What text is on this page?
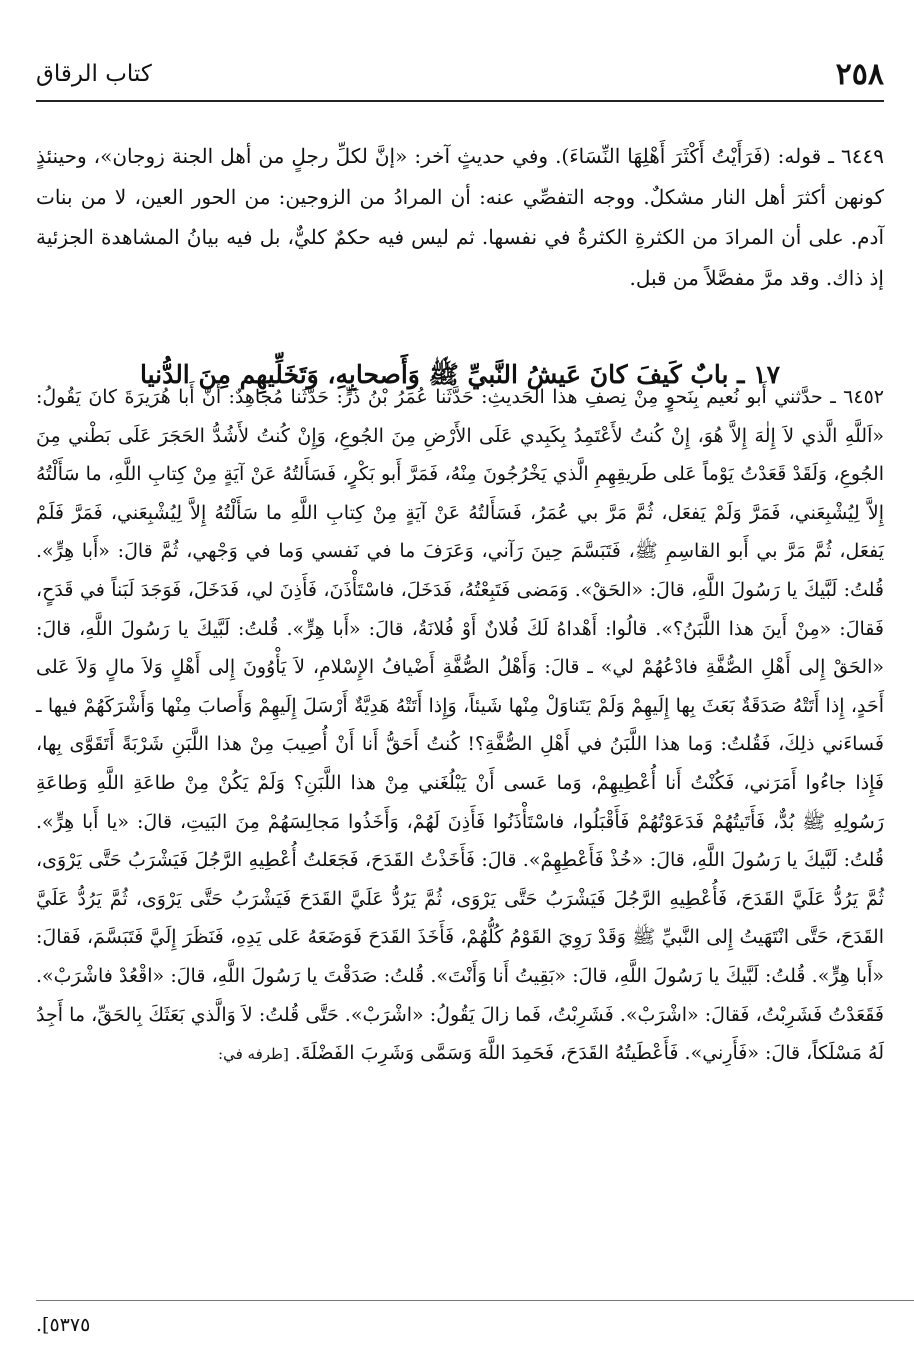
٢٥٨
كتاب الرقاق

٦٤٤٩ ـ قوله: (فَرَأَيْتُ أَكْثَرَ أَهْلِهَا النِّسَاءَ). وفي حديثٍ آخر: «إنَّ لكلِّ رجلٍ من أهل الجنة زوجان»، وحينئذٍ كونهن أكثرَ أهل النار مشكلٌ. ووجه التفصِّي عنه: أن المرادُ من الزوجين: من الحور العين، لا من بنات آدم. على أن المرادَ من الكثرةِ الكثرةُ في نفسها. ثم ليس فيه حكمٌ كليٌّ، بل فيه بيانُ المشاهدة الجزئية إذ ذاك. وقد مرَّ مفصَّلاً من قبل.

١٧ ـ بابٌ كَيفَ كانَ عَيشُ النَّبيِّ ﷺ وَأَصحابِهِ، وَتَخَلِّيهِم مِنَ الدُّنيا
٦٤٥٢ ـ حدَّثني أَبو نُعيم بِنَحوٍ مِنْ نِصفِ هذا الحَديثِ: حَدَّثَنا عُمَرُ بْنُ ذَرٍّ: حَدَّثَنا مُجاهِدٌ: أَنَّ أَبا هُرَيرَةَ كانَ يَقُولُ: «اَللَّهِ الَّذي لاَ إِلٰهَ إِلاَّ هُوَ، إِنْ كُنتُ لأَعْتَمِدُ بِكَبِدي عَلَى الأَرْضِ مِنَ الجُوعِ، وَإِنْ كُنتُ لأَشُدُّ الحَجَرَ عَلَى بَطْني مِنَ الجُوعِ، وَلَقَدْ قَعَدْتُ يَوْماً عَلى طَريقِهِمِ الَّذي يَخْرُجُونَ مِنْهُ، فَمَرَّ أَبو بَكْرٍ، فَسَأَلتُهُ عَنْ آيَةٍ مِنْ كِتابِ اللَّهِ، ما سَأَلْتُهُ إِلاَّ لِيُشْبِعَني، فَمَرَّ وَلَمْ يَفعَل، ثُمَّ مَرَّ بي عُمَرُ، فَسَأَلتُهُ عَنْ آيَةٍ مِنْ كِتابِ اللَّهِ ما سَأَلْتُهُ إِلاَّ لِيُشْبِعَني، فَمَرَّ فَلَمْ يَفعَل، ثُمَّ مَرَّ بي أَبو القاسِمِ ﷺ، فَتَبَسَّمَ حِينَ رَآني، وَعَرَفَ ما في نَفسي وَما في وَجْهي، ثُمَّ قالَ: «أَبا هِرٍّ». قُلتُ: لَبَّيكَ يا رَسُولَ اللَّهِ، قالَ: «الحَقْ». وَمَضى فَتَبِعْتُهُ، فَدَخَلَ، فاسْتَأْذَنَ، فَأَذِنَ لي، فَدَخَلَ، فَوَجَدَ لَبَناً في قَدَحٍ، فَقالَ: «مِنْ أَينَ هذا اللَّبَنُ؟». قالُوا: أَهْداهُ لَكَ فُلانٌ أَوْ فُلانَةُ، قالَ: «أَبا هِرٍّ». قُلتُ: لَبَّيكَ يا رَسُولَ اللَّهِ، قالَ: «الحَقْ إِلى أَهْلِ الصُّفَّةِ فادْعُهُمْ لي» ـ قالَ: وَأَهْلُ الصُّفَّةِ أَضْيافُ الإِسْلامِ، لاَ يَأْوُونَ إِلى أَهْلٍ وَلاَ مالٍ وَلاَ عَلى أَحَدٍ، إِذا أَتَتْهُ صَدَقَةٌ بَعَثَ بِها إِلَيهِمْ وَلَمْ يَتَناوَلْ مِنْها شَيئاً، وَإِذا أَتَتْهُ هَدِيَّةٌ أَرْسَلَ إِلَيهِمْ وَأَصابَ مِنْها وَأَشْرَكَهُمْ فيها ـ فَساءَني ذلِكَ، فَقُلتُ: وَما هذا اللَّبَنُ في أَهْلِ الصُّفَّةِ؟! كُنتُ أَحَقُّ أَنا أَنْ أُصِيبَ مِنْ هذا اللَّبَنِ شَرْبَةً أَتَقَوَّى بِها، فَإِذا جاءُوا أَمَرَني، فَكُنْتُ أَنا أُعْطِيهِمْ، وَما عَسى أَنْ يَبْلُغَني مِنْ هذا اللَّبَنِ؟ وَلَمْ يَكُنْ مِنْ طاعَةِ اللَّهِ وَطاعَةِ رَسُولِهِ ﷺ بُدٌّ، فَأَتَيتُهُمْ فَدَعَوْتُهُمْ فَأَقْبَلُوا، فاسْتَأْذَنُوا فَأَذِنَ لَهُمْ، وَأَخَذُوا مَجالِسَهُمْ مِنَ البَيتِ، قالَ: «يا أَبا هِرٍّ». قُلتُ: لَبَّيكَ يا رَسُولَ اللَّهِ، قالَ: «خُذْ فَأَعْطِهِمْ». قالَ: فَأَخَذْتُ القَدَحَ، فَجَعَلتُ أُعْطِيهِ الرَّجُلَ فَيَشْرَبُ حَتَّى يَرْوَى، ثُمَّ يَرُدُّ عَلَيَّ القَدَحَ، فَأُعْطِيهِ الرَّجُلَ فَيَشْرَبُ حَتَّى يَرْوَى، ثُمَّ يَرُدُّ عَلَيَّ القَدَحَ فَيَشْرَبُ حَتَّى يَرْوَى، ثُمَّ يَرُدُّ عَلَيَّ القَدَحَ، حَتَّى انْتَهَيتُ إِلى النَّبيِّ ﷺ وَقَدْ رَوِيَ القَوْمُ كُلُّهُمْ، فَأَخَذَ القَدَحَ فَوَضَعَهُ عَلى يَدِهِ، فَنَظَرَ إِلَيَّ فَتَبَسَّمَ، فَقالَ: «أَبا هِرٍّ». قُلتُ: لَبَّيكَ يا رَسُولَ اللَّهِ، قالَ: «بَقِيتُ أَنا وَأَنْتَ». قُلتُ: صَدَقْتَ يا رَسُولَ اللَّهِ، قالَ: «اقْعُدْ فاشْرَبْ». فَقَعَدْتُ فَشَرِبْتُ، فَقالَ: «اشْرَبْ». فَشَرِبْتُ، فَما زالَ يَقُولُ: «اشْرَبْ». حَتَّى قُلتُ: لاَ وَالَّذي بَعَثَكَ بِالحَقِّ، ما أَجِدُ لَهُ مَسْلَكاً، قالَ: «فَأَرِني». فَأَعْطَيتُهُ القَدَحَ، فَحَمِدَ اللَّهَ وَسَمَّى وَشَرِبَ الفَضْلَةَ. [طرفه في:
٥٣٧٥].
